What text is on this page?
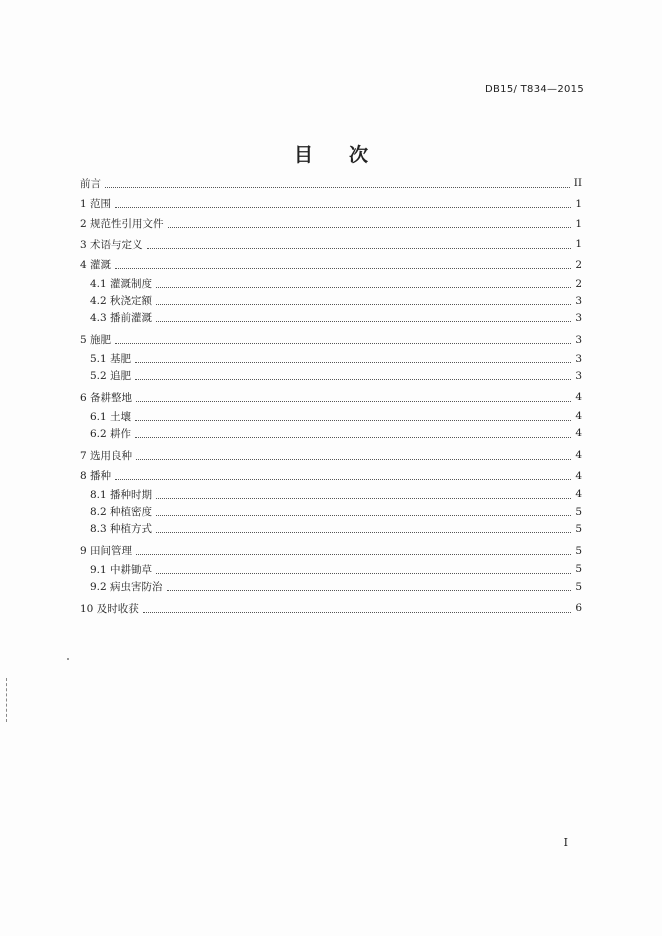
DB15/ T834—2015
目次
前言	II
1 范围	1
2 规范性引用文件	1
3 术语与定义	1
4 灌溉	2
4.1 灌溉制度	2
4.2 秋浇定额	3
4.3 播前灌溉	3
5 施肥	3
5.1 基肥	3
5.2 追肥	3
6 备耕整地	4
6.1 土壤	4
6.2 耕作	4
7 选用良种	4
8 播种	4
8.1 播种时期	4
8.2 种植密度	5
8.3 种植方式	5
9 田间管理	5
9.1 中耕锄草	5
9.2 病虫害防治	5
10 及时收获	6
I
